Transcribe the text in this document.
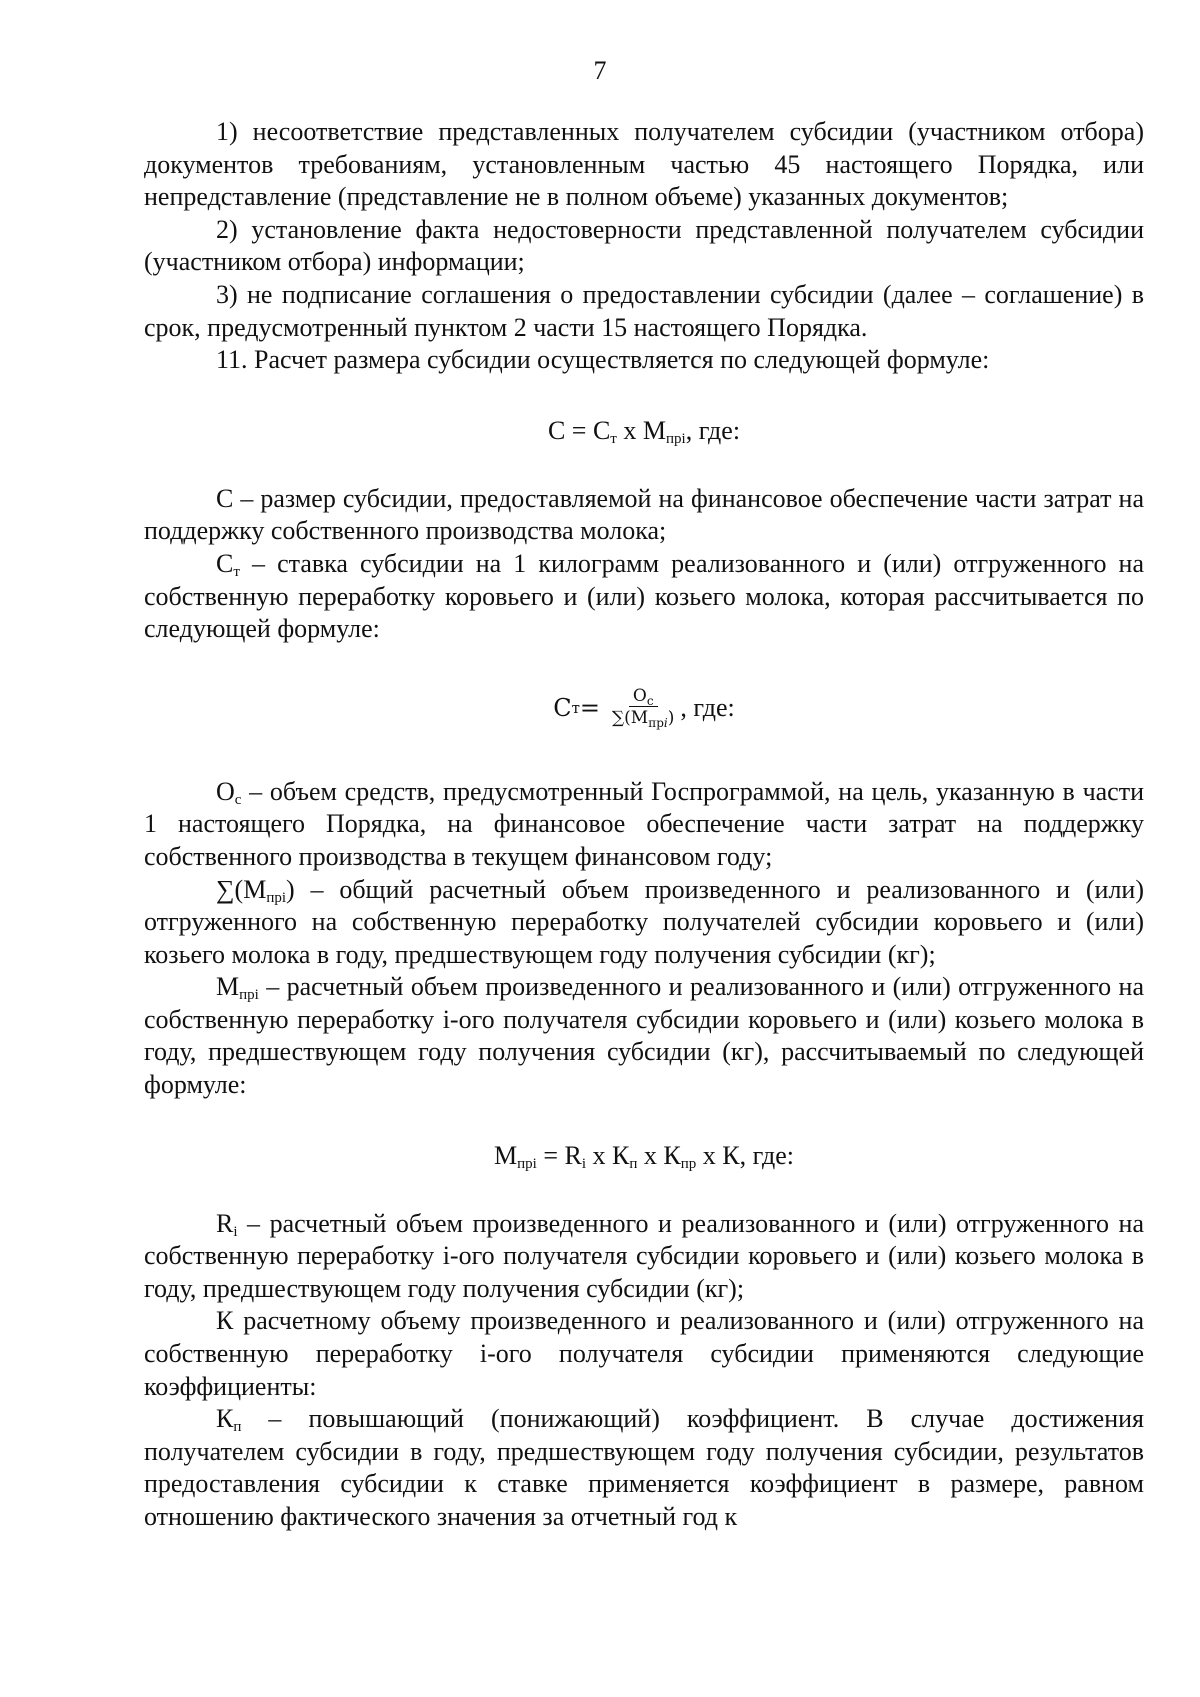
7

1) несоответствие представленных получателем субсидии (участником отбора) документов требованиям, установленным частью 45 настоящего Порядка, или непредставление (представление не в полном объеме) указанных документов;

2) установление факта недостоверности представленной получателем субсидии (участником отбора) информации;

3) не подписание соглашения о предоставлении субсидии (далее – соглашение) в срок, предусмотренный пунктом 2 части 15 настоящего Порядка.

11. Расчет размера субсидии осуществляется по следующей формуле:

$С = С_т$ х $М_{прi}$, где:

С – размер субсидии, предоставляемой на финансовое обеспечение части затрат на поддержку собственного производства молока;

$С_т$ – ставка субсидии на 1 килограмм реализованного и (или) отгруженного на собственную переработку коровьего и (или) козьего молока, которая рассчитывается по следующей формуле:

С $т = \frac{О_с}{\sum(М_{пр𝑖})}$ , где:

$О_с$ – объем средств, предусмотренный Госпрограммой, на цель, указанную в части 1 настоящего Порядка, на финансовое обеспечение части затрат на поддержку собственного производства в текущем финансовом году;

$\sum(М_{прi})$ – общий расчетный объем произведенного и реализованного и (или) отгруженного на собственную переработку получателей субсидии коровьего и (или) козьего молока в году, предшествующем году получения субсидии (кг);

$М_{прi}$ – расчетный объем произведенного и реализованного и (или) отгруженного на собственную переработку i-ого получателя субсидии коровьего и (или) козьего молока в году, предшествующем году получения субсидии (кг), рассчитываемый по следующей формуле:

$М_{прi} = R_i$ х $К_п$ х $К_{пр}$ х К, где:

$R_i$ – расчетный объем произведенного и реализованного и (или) отгруженного на собственную переработку i-ого получателя субсидии коровьего и (или) козьего молока в году, предшествующем году получения субсидии (кг);

К расчетному объему произведенного и реализованного и (или) отгруженного на собственную переработку i-ого получателя субсидии применяются следующие коэффициенты:

$К_п$ – повышающий (понижающий) коэффициент. В случае достижения получателем субсидии в году, предшествующем году получения субсидии, результатов предоставления субсидии к ставке применяется коэффициент в размере, равном отношению фактического значения за отчетный год к
